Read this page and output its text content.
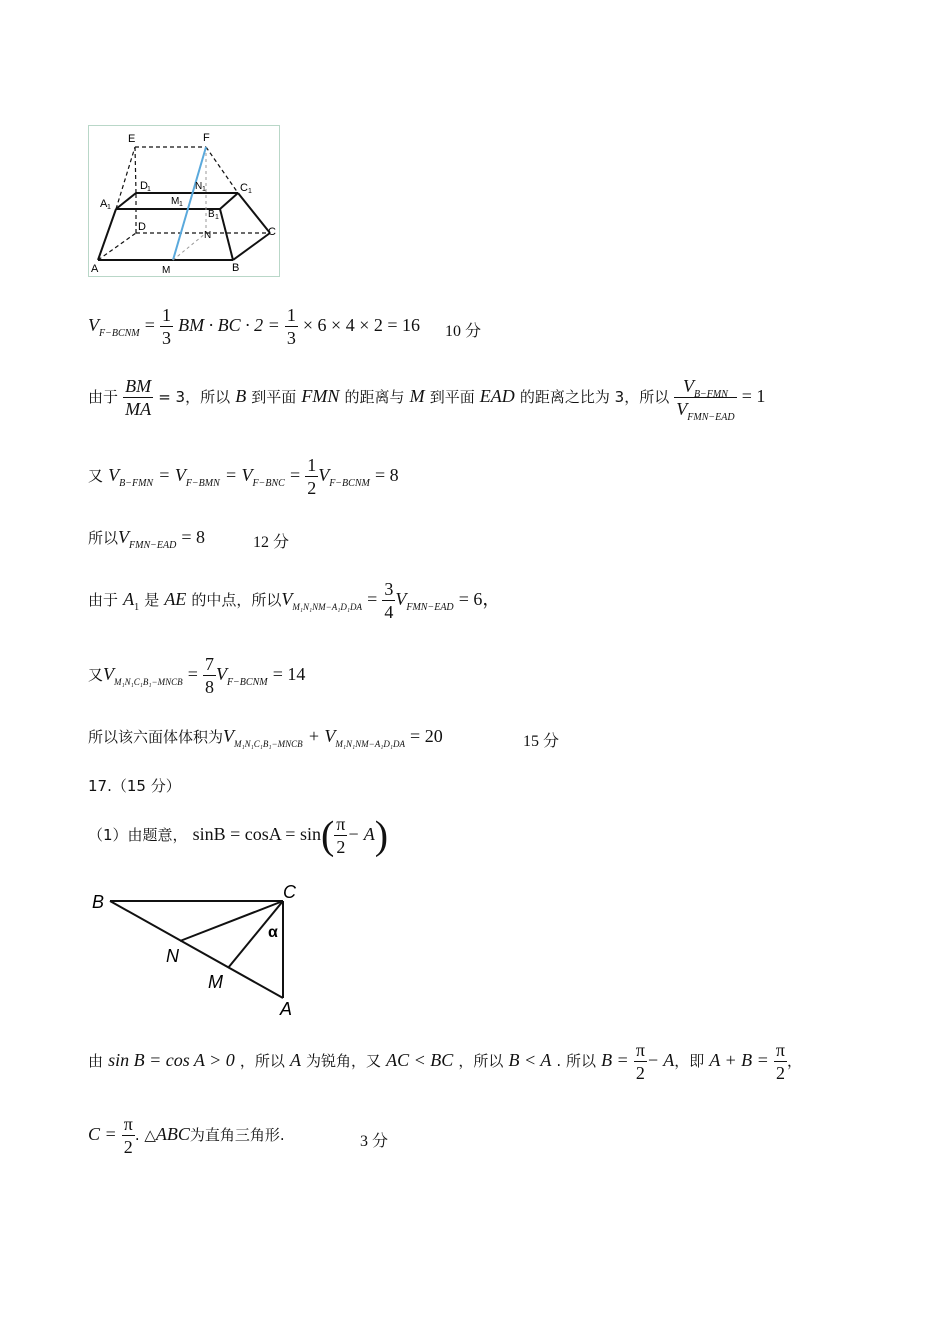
E	F
D 1	N 1	C 1
A 1
M 1
B 1
D
N	C
A	M	B
$V_{F-BCNM} = \frac{1}{3}$ BM · BC · $2 = \frac{1}{3} \times 6 \times 4 \times 2 = 16$ 10 分
由于 $\frac{BM}{MA} = 3$，所以 B 到平面 FMN 的距离与 M 到平面 EAD 的距离之比为 3，所以 $\frac{V_{B-FMN}}{V_{FMN-EAD}} = 1$
又 $V_{B-FMN} = V_{F-BMN} = V_{F-BNC} = \frac{1}{2} V_{F-BCNM} = 8$
所以$V_{FMN-EAD} = 8$	12 分
由于 $A_1$ 是 AE 的中点，所以$V_{M_1N_1NM-A_1D_1DA} = \frac{3}{4} V_{FMN-EAD} = 6$，
又$V_{M_1N_1C_1B_1-MNCB} = \frac{7}{8} V_{F-BCNM} = 14$
所以该六面体体积为$V_{M_1N_1C_1B_1-MNCB} + V_{M_1N_1NM-A_1D_1DA} = 20$	15 分
17.（15 分）
（1）由题意， $\sin B = \cos A = \sin( \frac{\pi}{2} - A)$
B	C
N
α
M
A
由 sin B = cos A > 0 ，所以 A 为锐角，又 AC < BC ，所以 B < A . 所以 $B = \frac{\pi}{2} - A$，即 $A + B = \frac{\pi}{2}$ ，
$C = \frac{\pi}{2}$ . △ABC为直角三角形.	3 分
